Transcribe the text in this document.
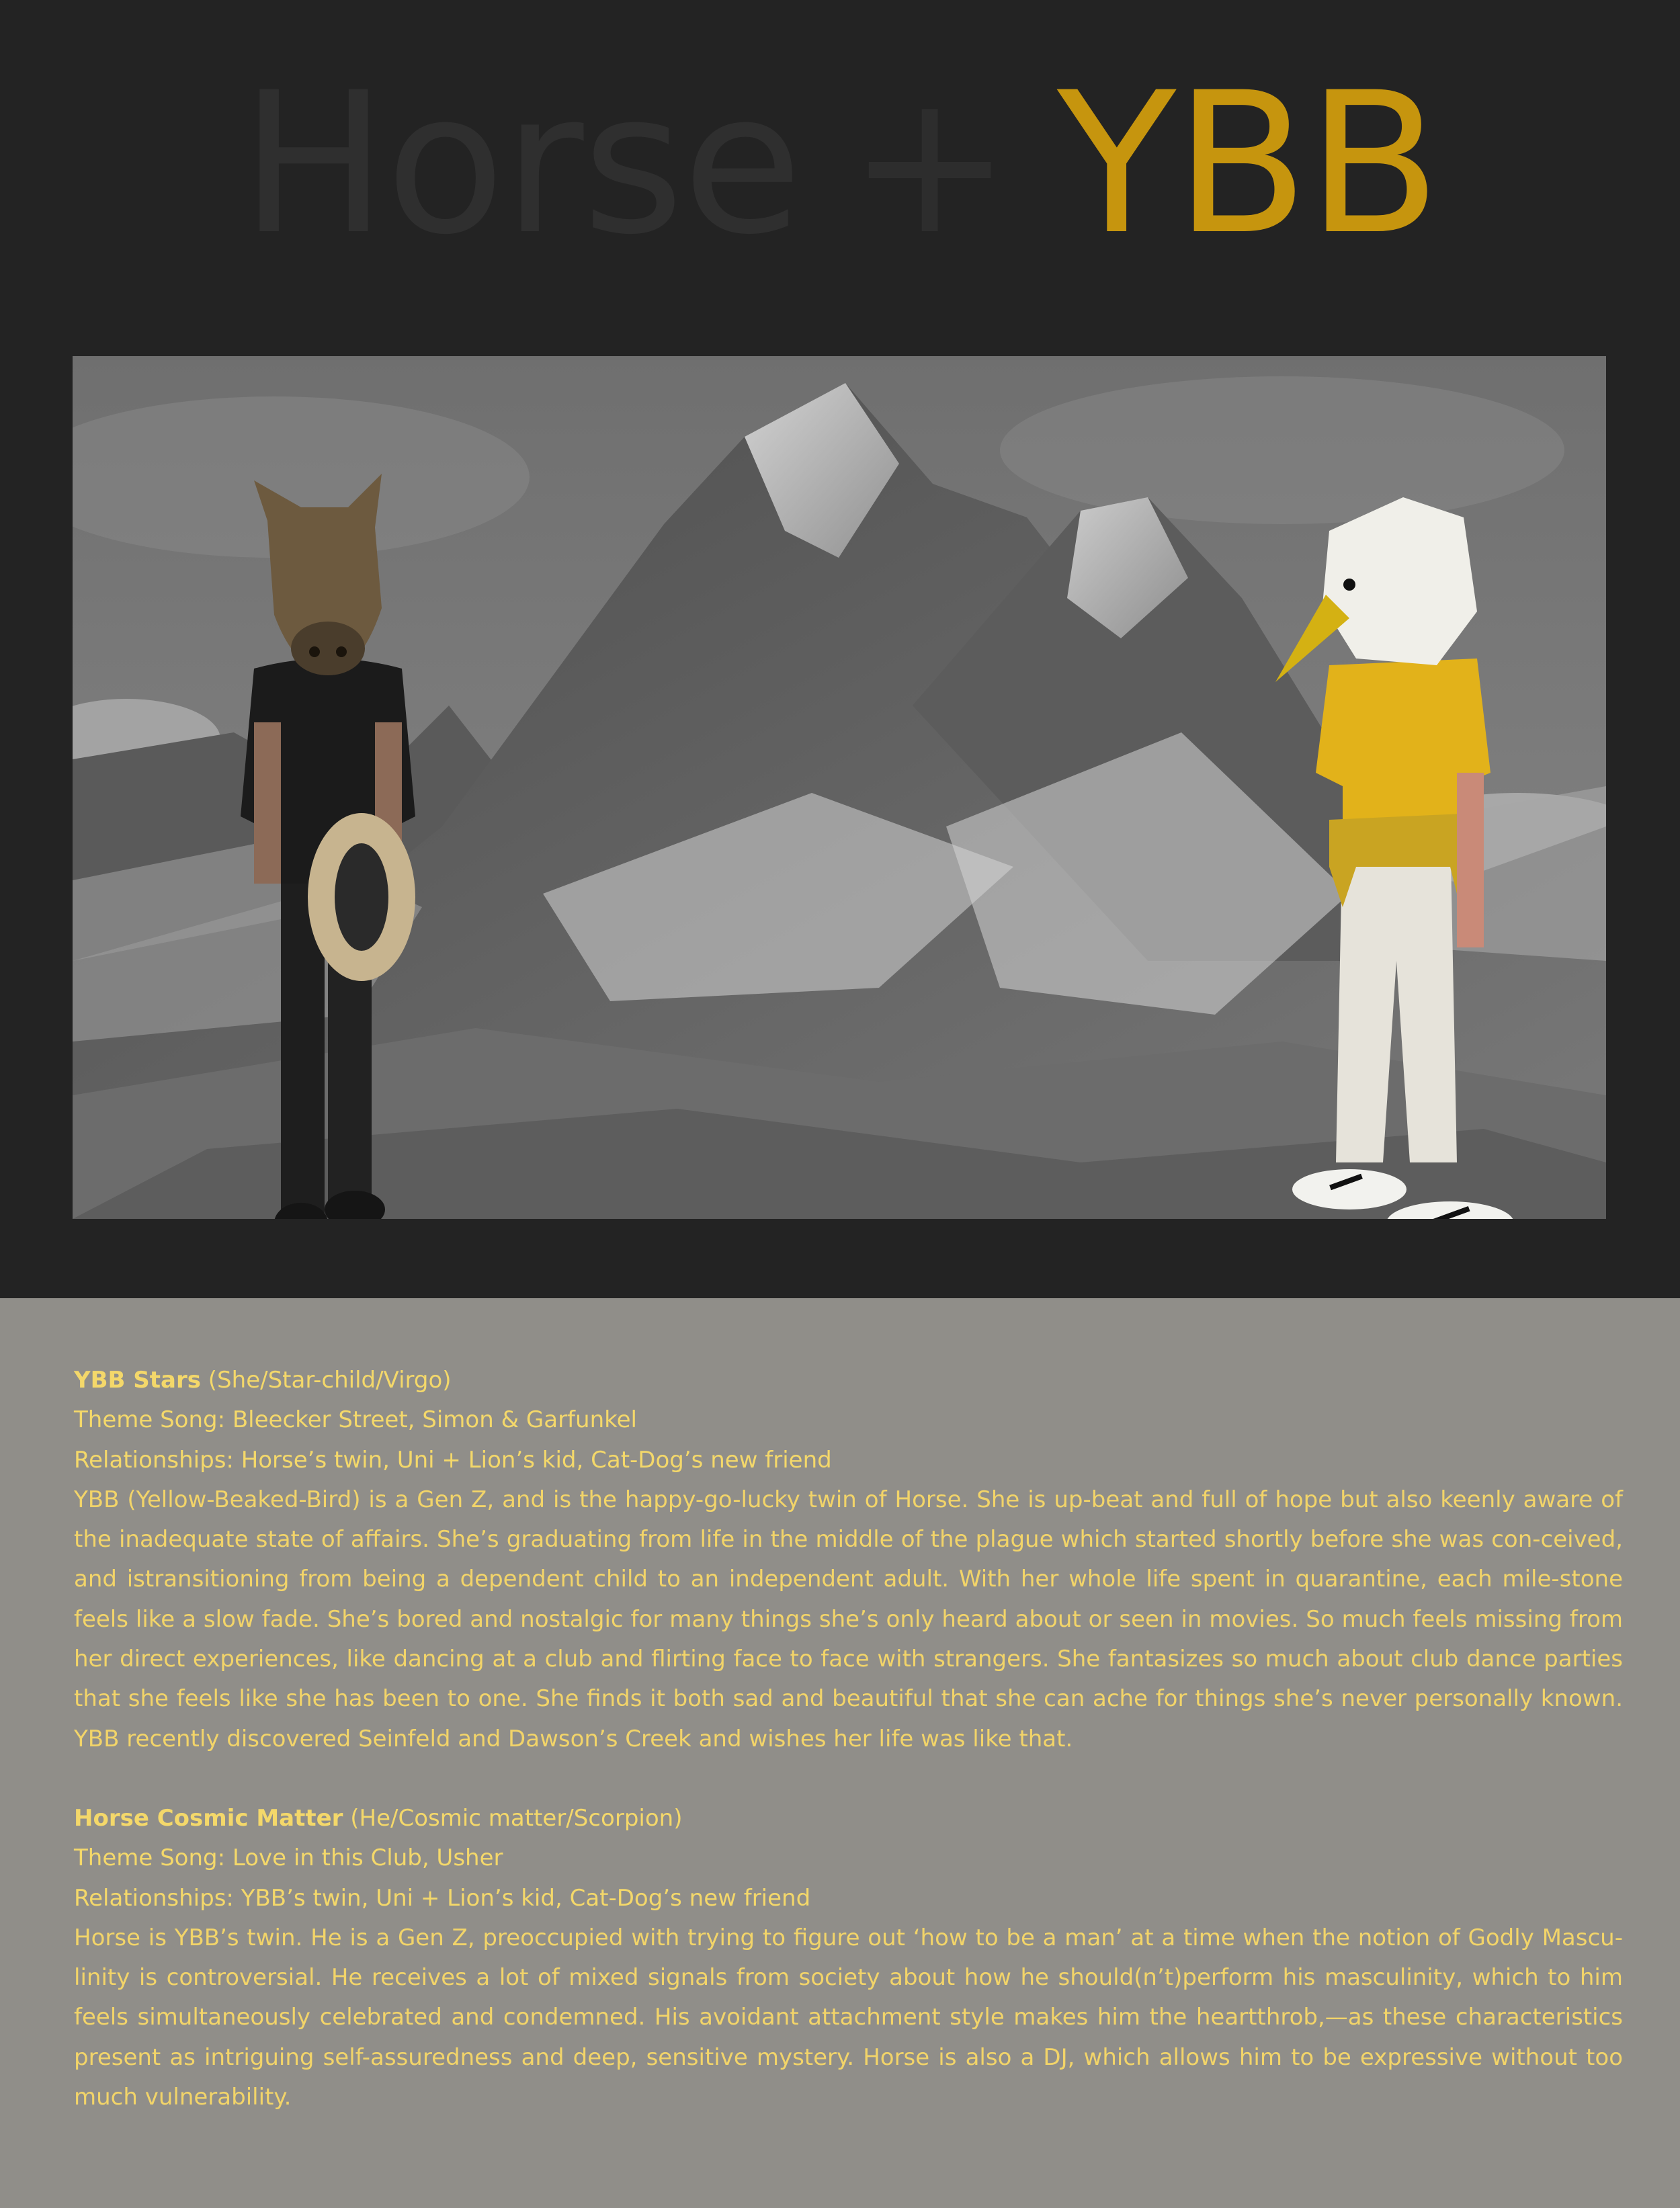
Horse + YBB

YBB Stars (She/Star-child/Virgo)

Theme Song: Bleecker Street, Simon & Garfunkel

Relationships: Horse’s twin, Uni + Lion’s kid, Cat-Dog’s new friend

YBB (Yellow-Beaked-Bird) is a Gen Z, and is the happy-go-lucky twin of Horse. She is up-beat and full of hope but also keenly aware of the inadequate state of affairs. She’s graduating from life in the middle of the plague which started shortly before she was con-ceived, and istransitioning from being a dependent child to an independent adult. With her whole life spent in quarantine, each mile-stone feels like a slow fade. She’s bored and nostalgic for many things she’s only heard about or seen in movies. So much feels missing from her direct experiences, like dancing at a club and flirting face to face with strangers. She fantasizes so much about club dance parties that she feels like she has been to one. She finds it both sad and beautiful that she can ache for things she’s never personally known. YBB recently discovered Seinfeld and Dawson’s Creek and wishes her life was like that.

Horse Cosmic Matter (He/Cosmic matter/Scorpion)

Theme Song: Love in this Club, Usher

Relationships: YBB’s twin, Uni + Lion’s kid, Cat-Dog’s new friend

Horse is YBB’s twin. He is a Gen Z, preoccupied with trying to figure out ‘how to be a man’ at a time when the notion of Godly Mascu-linity is controversial. He receives a lot of mixed signals from society about how he should(n’t)perform his masculinity, which to him feels simultaneously celebrated and condemned. His avoidant attachment style makes him the heartthrob,—as these characteristics present as intriguing self-assuredness and deep, sensitive mystery. Horse is also a DJ, which allows him to be expressive without too much vulnerability.
